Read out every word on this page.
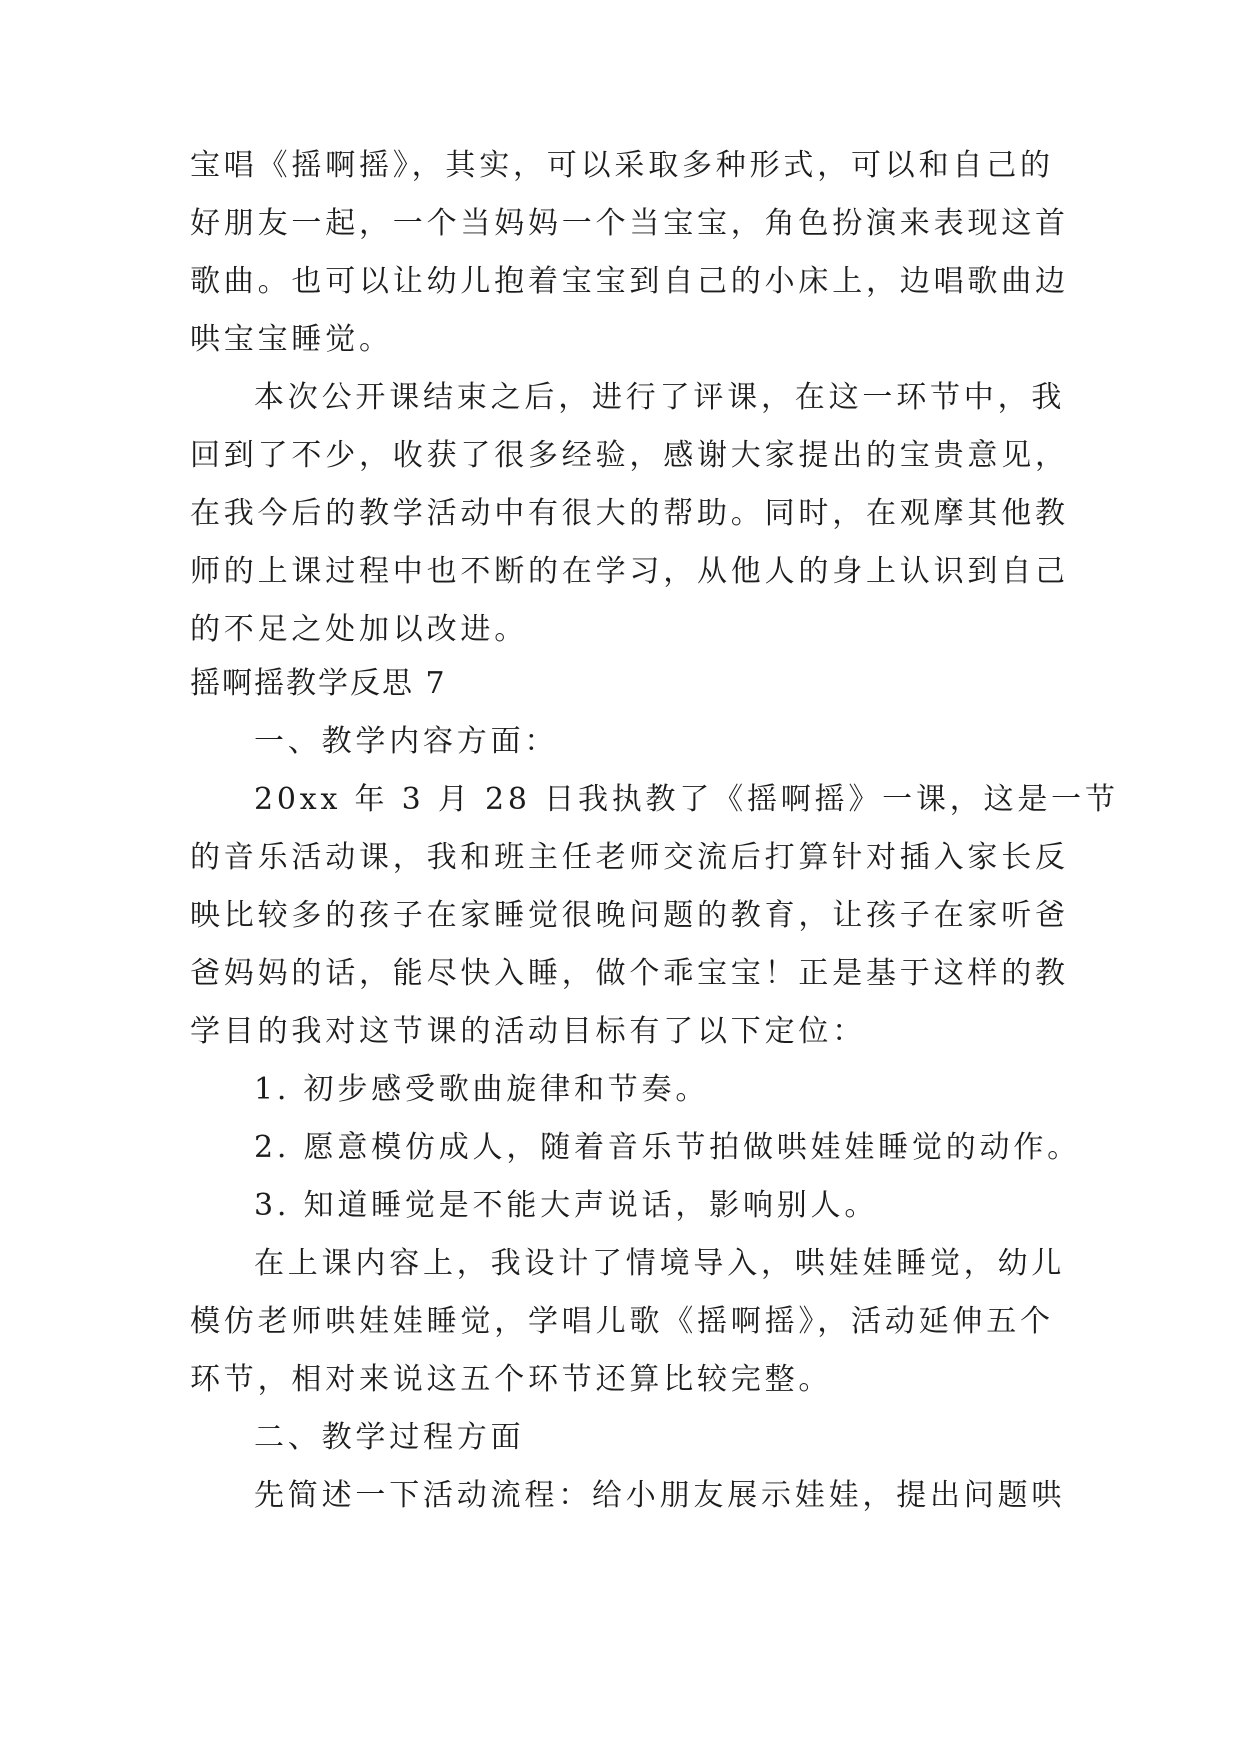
宝唱《摇啊摇》，其实，可以采取多种形式，可以和自己的
好朋友一起，一个当妈妈一个当宝宝，角色扮演来表现这首
歌曲。也可以让幼儿抱着宝宝到自己的小床上，边唱歌曲边
哄宝宝睡觉。
本次公开课结束之后，进行了评课，在这一环节中，我
回到了不少，收获了很多经验，感谢大家提出的宝贵意见，
在我今后的教学活动中有很大的帮助。同时，在观摩其他教
师的上课过程中也不断的在学习，从他人的身上认识到自己
的不足之处加以改进。
摇啊摇教学反思 7
一、教学内容方面：
20xx 年 3 月 28 日我执教了《摇啊摇》一课，这是一节
的音乐活动课，我和班主任老师交流后打算针对插入家长反
映比较多的孩子在家睡觉很晚问题的教育，让孩子在家听爸
爸妈妈的话，能尽快入睡，做个乖宝宝！正是基于这样的教
学目的我对这节课的活动目标有了以下定位：
1. 初步感受歌曲旋律和节奏。
2. 愿意模仿成人，随着音乐节拍做哄娃娃睡觉的动作。
3. 知道睡觉是不能大声说话，影响别人。
在上课内容上，我设计了情境导入，哄娃娃睡觉，幼儿
模仿老师哄娃娃睡觉，学唱儿歌《摇啊摇》，活动延伸五个
环节，相对来说这五个环节还算比较完整。
二、教学过程方面
先简述一下活动流程：给小朋友展示娃娃，提出问题哄
